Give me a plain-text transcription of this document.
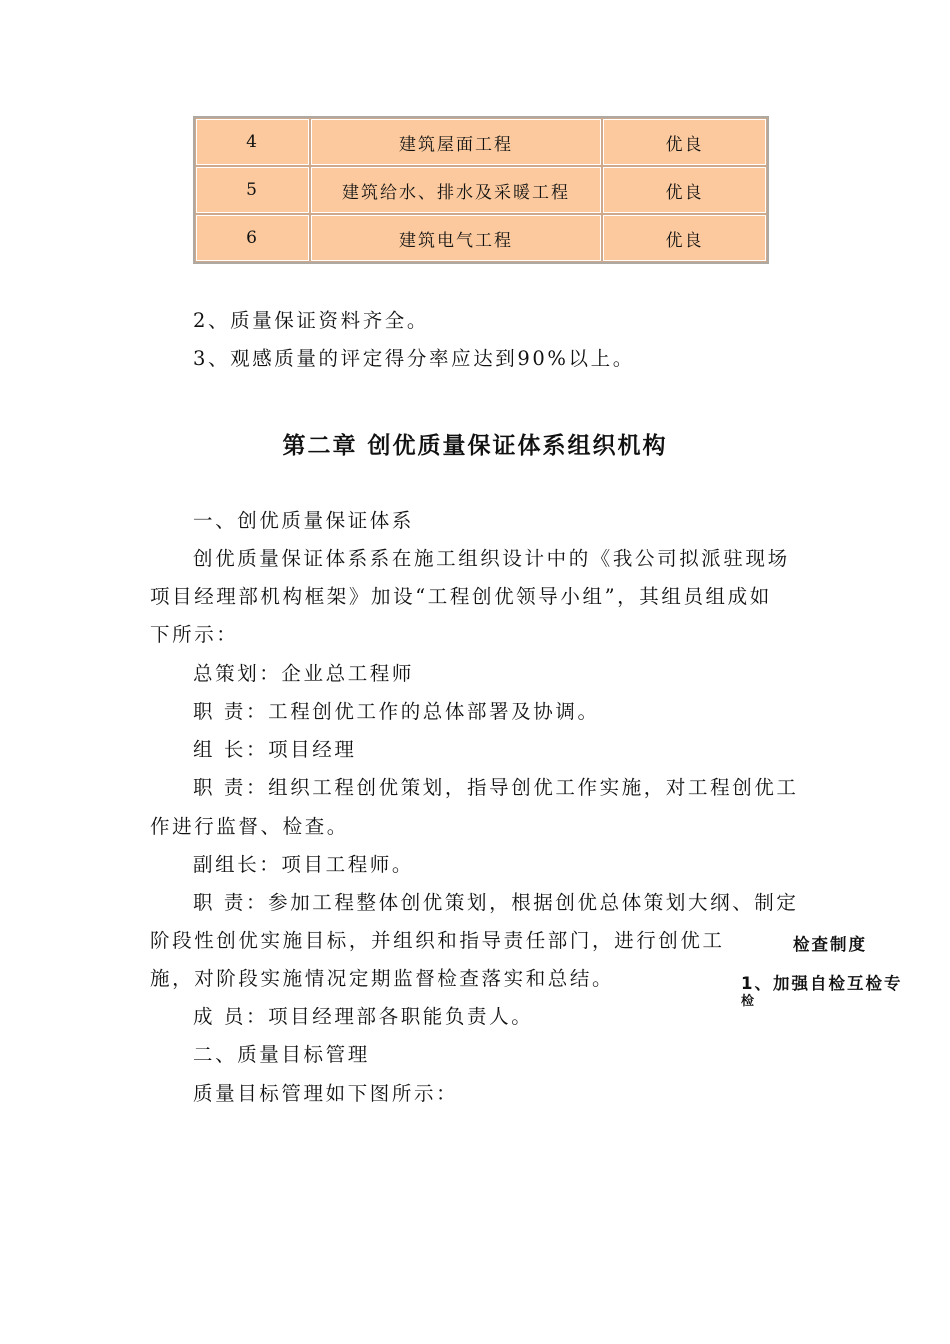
4	建筑屋面工程	优良
5	建筑给水、排水及采暖工程	优良
6	建筑电气工程	优良
2、质量保证资料齐全。
3、观感质量的评定得分率应达到90%以上。
第二章 创优质量保证体系组织机构
一、创优质量保证体系
创优质量保证体系系在施工组织设计中的《我公司拟派驻现场
项目经理部机构框架》加设“工程创优领导小组”，其组员组成如
下所示：
总策划：企业总工程师
职 责：工程创优工作的总体部署及协调。
组 长：项目经理
职 责：组织工程创优策划，指导创优工作实施，对工程创优工
作进行监督、检查。
副组长：项目工程师。
职 责：参加工程整体创优策划，根据创优总体策划大纲、制定
阶段性创优实施目标，并组织和指导责任部门，进行创优工
施，对阶段实施情况定期监督检查落实和总结。
成 员：项目经理部各职能负责人。
二、质量目标管理
质量目标管理如下图所示：
检查制度
1、加强自检互检专
检
